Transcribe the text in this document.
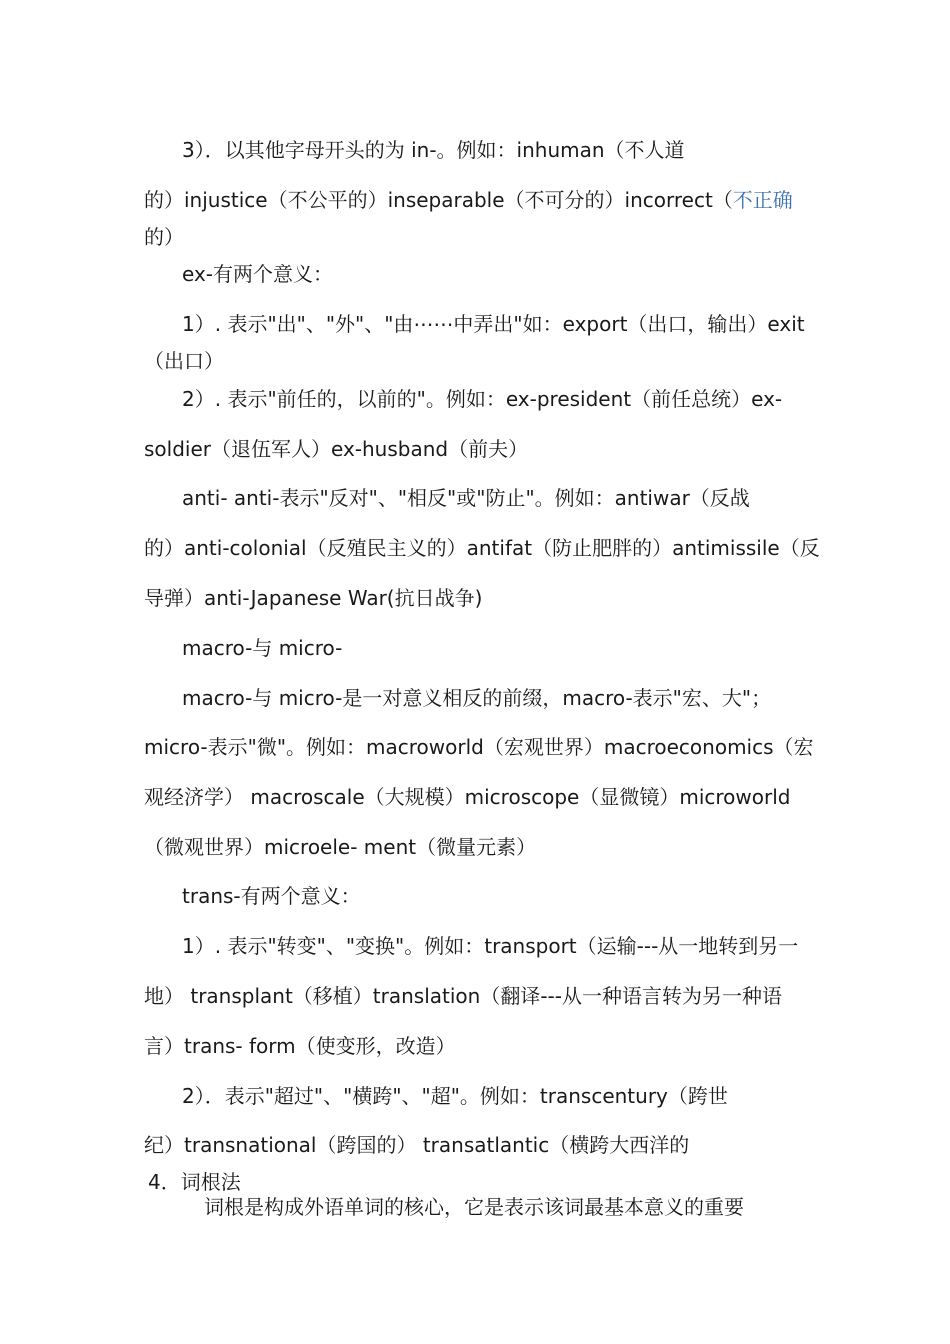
3）．以其他字母开头的为 in-。例如：inhuman（不人道
的）injustice（不公平的）inseparable（不可分的）incorrect（不正确
的）
ex-有两个意义：
1）. 表示"出"、"外"、"由⋯⋯中弄出"如：export（出口，输出）exit
（出口）
2）. 表示"前任的，以前的"。例如：ex-president（前任总统）ex-
soldier（退伍军人）ex-husband（前夫）
anti- anti-表示"反对"、"相反"或"防止"。例如：antiwar（反战
的）anti-colonial（反殖民主义的）antifat（防止肥胖的）antimissile（反
导弹）anti-Japanese War(抗日战争)
macro-与 micro-
macro-与 micro-是一对意义相反的前缀，macro-表示"宏、大"；
micro-表示"微"。例如：macroworld（宏观世界）macroeconomics（宏
观经济学） macroscale（大规模）microscope（显微镜）microworld
（微观世界）microele- ment（微量元素）
trans-有两个意义：
1）. 表示"转变"、"变换"。例如：transport（运输---从一地转到另一
地） transplant（移植）translation（翻译---从一种语言转为另一种语
言）trans- form（使变形，改造）
2）．表示"超过"、"横跨"、"超"。例如：transcentury（跨世
纪）transnational（跨国的） transatlantic（横跨大西洋的
4．词根法
词根是构成外语单词的核心，它是表示该词最基本意义的重要
